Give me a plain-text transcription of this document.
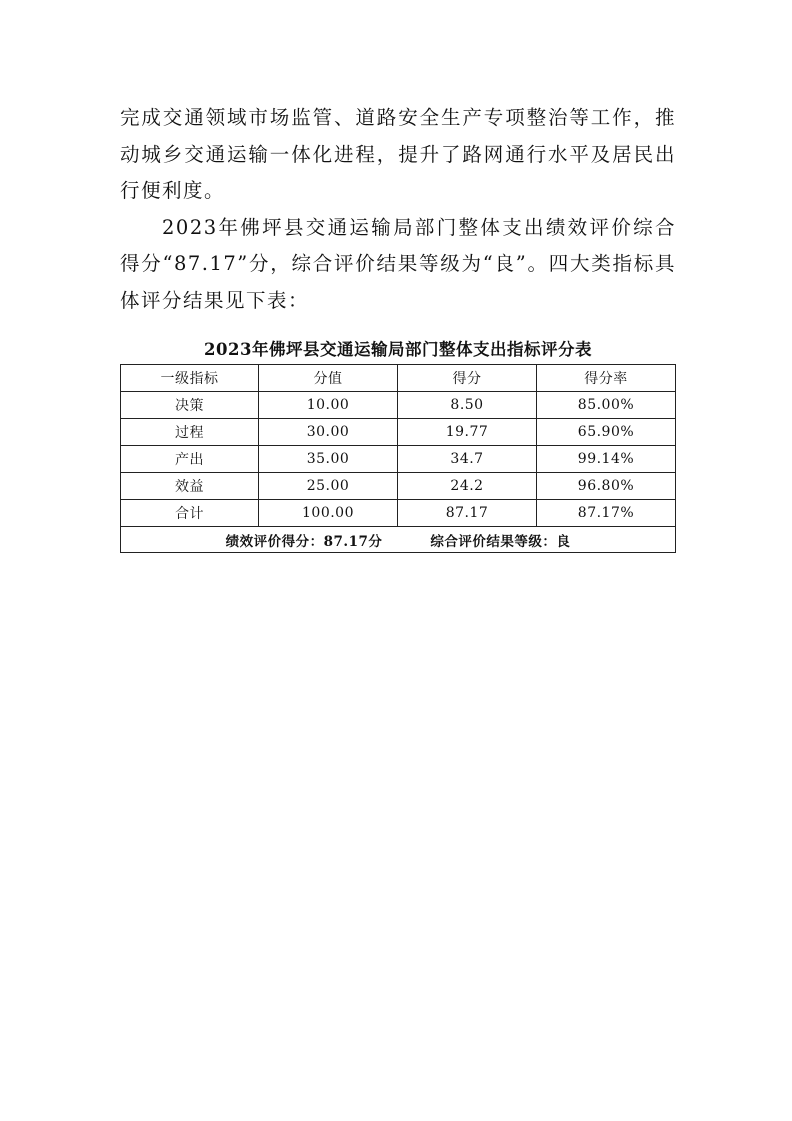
完成交通领域市场监管、道路安全生产专项整治等工作，推动城乡交通运输一体化进程，提升了路网通行水平及居民出行便利度。

2023年佛坪县交通运输局部门整体支出绩效评价综合得分“87.17”分，综合评价结果等级为“良”。四大类指标具体评分结果见下表：

2023年佛坪县交通运输局部门整体支出指标评分表
一级指标	分值	得分	得分率
决策	10.00	8.50	85.00%
过程	30.00	19.77	65.90%
产出	35.00	34.7	99.14%
效益	25.00	24.2	96.80%
合计	100.00	87.17	87.17%
绩效评价得分：87.17分 综合评价结果等级：良			
